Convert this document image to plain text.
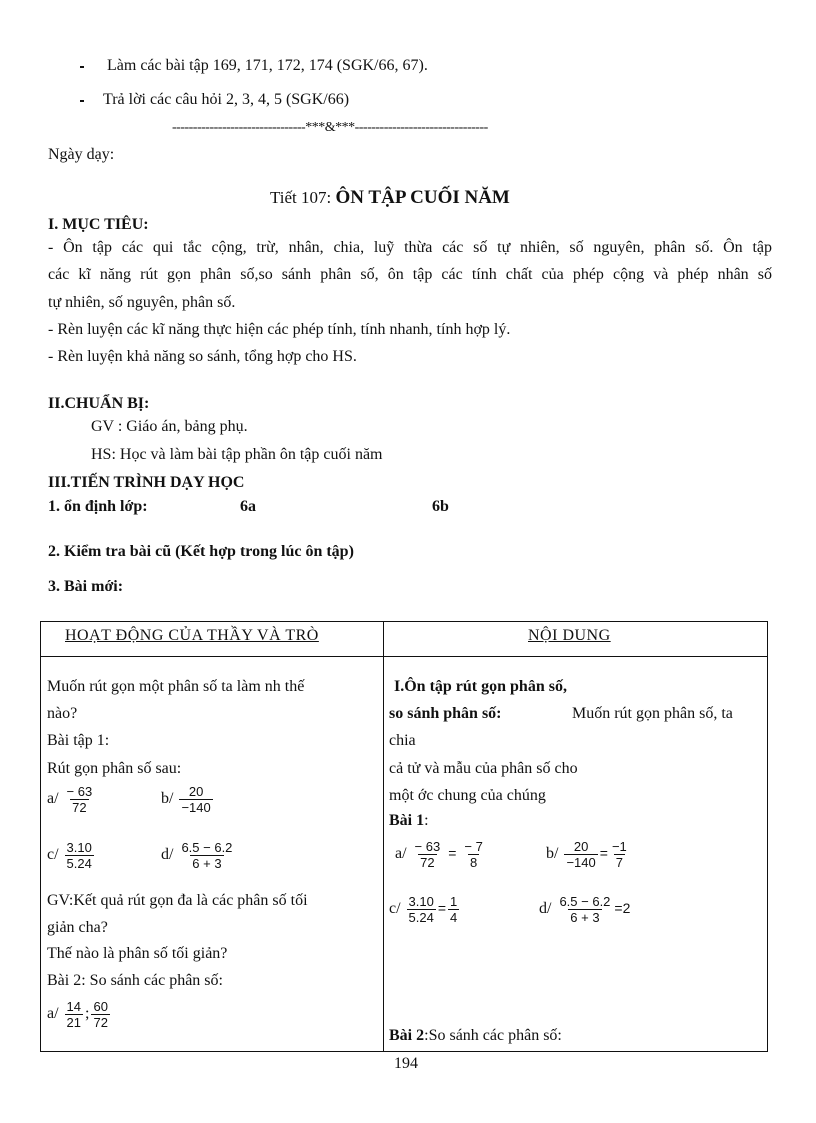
Làm các bài tập 169, 171, 172, 174 (SGK/66, 67).
Trả lời các câu hỏi 2, 3, 4, 5 (SGK/66)
--------------------------------***&***--------------------------------
Ngày dạy:
Tiết 107: ÔN TẬP CUỐI NĂM
I. MỤC TIÊU:
- Ôn tập các qui tắc cộng, trừ, nhân, chia, luỹ thừa các số tự nhiên, số nguyên, phân số. Ôn tập
các kĩ năng rút gọn phân số,so sánh phân số, ôn tập các tính chất của phép cộng và phép nhân số
tự nhiên, số nguyên, phân số.
- Rèn luyện các kĩ năng thực hiện các phép tính, tính nhanh, tính hợp lý.
- Rèn luyện khả năng so sánh, tổng hợp cho HS.
II.CHUẨN BỊ:
GV : Giáo án, bảng phụ.
HS: Học và làm bài tập phần ôn tập cuối năm
III.TIẾN TRÌNH DẠY HỌC
1. ổn định lớp:	6a	6b
2. Kiểm tra bài cũ (Kết hợp trong lúc ôn tập)
3. Bài mới:
HOẠT ĐỘNG CỦA THẦY VÀ TRÒ	NỘI DUNG
Muốn rút gọn một phân số ta làm nh thế
nào?
Bài tập 1:
Rút gọn phân số sau:
$a/ \frac{- 63}{72}$	$b/ \frac{20}{-140}$
$c/ \frac{3.10}{5.24}$	$d/ \frac{6.5 - 6.2}{6 + 3}$
GV:Kết quả rút gọn đa là các phân số tối
giản cha?
Thế nào là phân số tối giản?
Bài 2: So sánh các phân số:
$a/ \frac{14}{21}$ ; $\frac{60}{72}$
I.Ôn tập rút gọn phân số,
so sánh phân số:	Muốn rút gọn phân số, ta
chia
cả tử và mẫu của phân số cho
một ớc chung của chúng
Bài 1:
$a/ \frac{- 63}{72} = \frac{- 7}{8}$	$b/ \frac{20}{-140} = \frac{-1}{7}$
$c/ \frac{3.10}{5.24} = \frac{1}{4}$	$d/ \frac{6.5 - 6.2}{6 + 3} =2$
Bài 2:So sánh các phân số:
194
